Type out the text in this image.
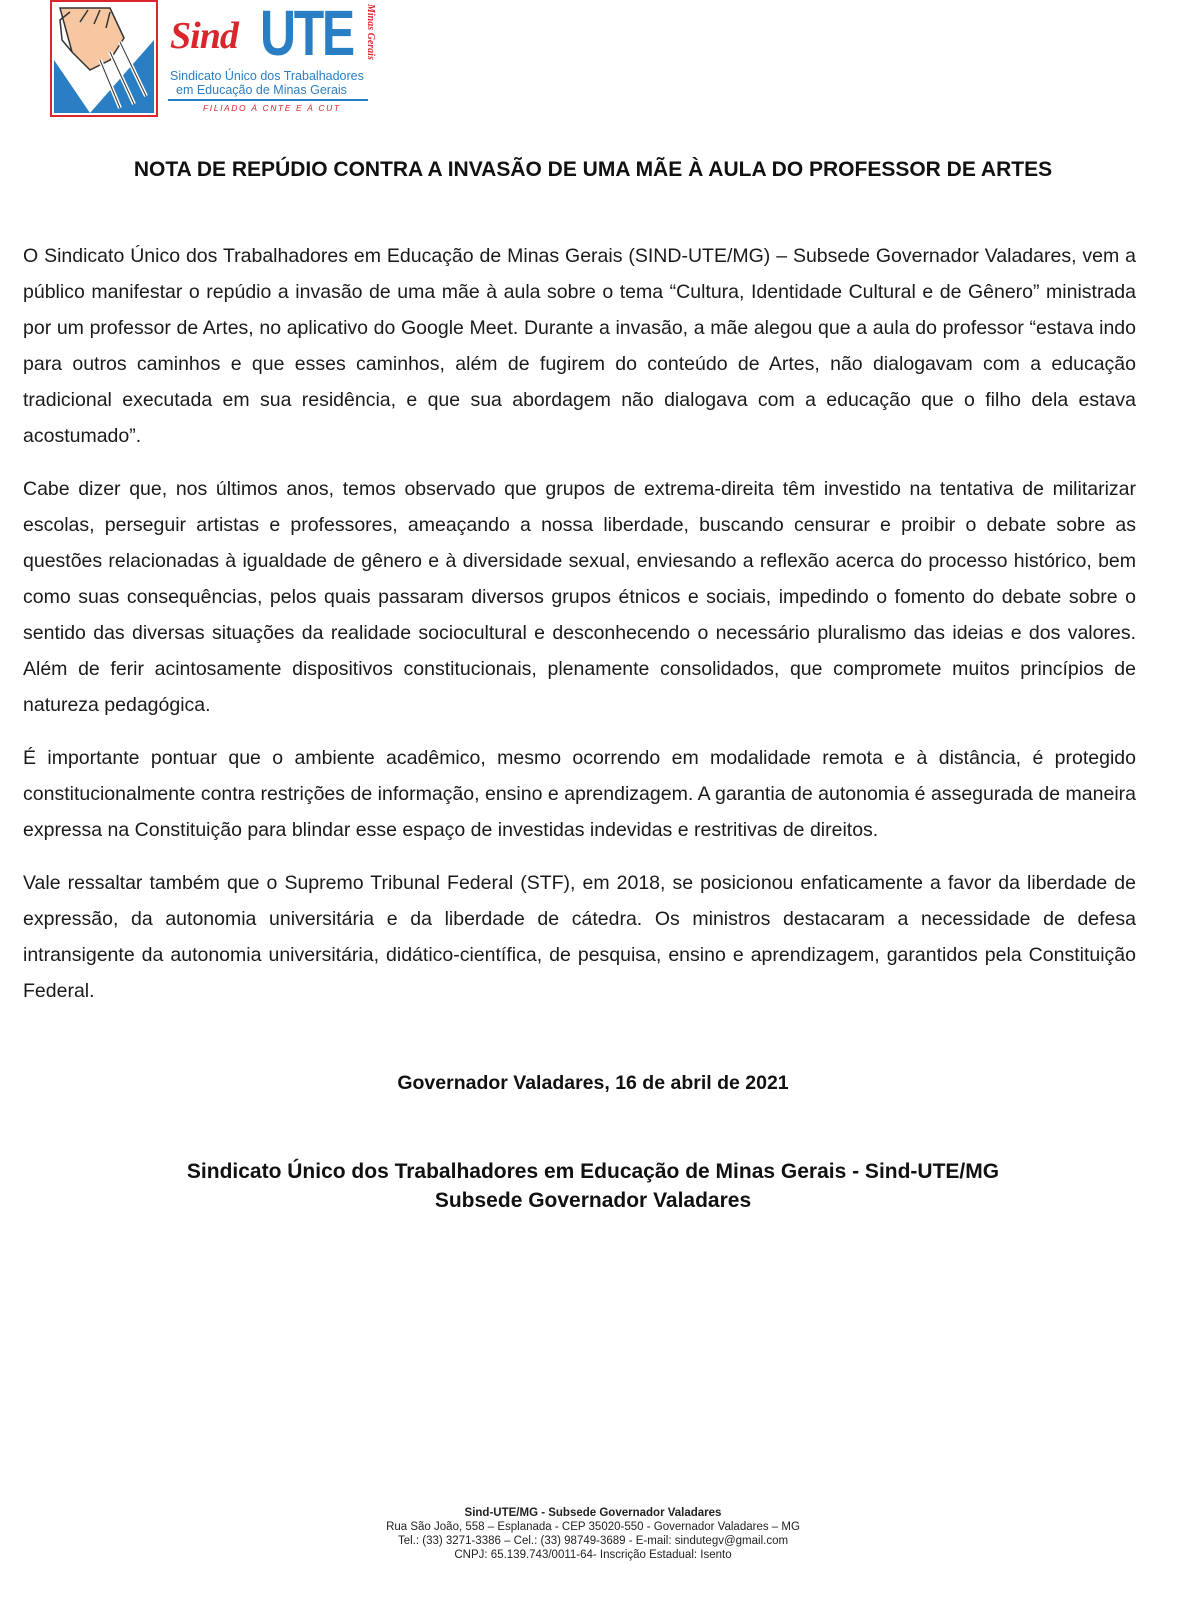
Sind UTE	Minas Gerais
Sindicato Único dos Trabalhadores
em Educação de Minas Gerais
FILIADO À CNTE E À CUT
NOTA DE REPÚDIO CONTRA A INVASÃO DE UMA MÃE À AULA DO PROFESSOR DE ARTES

O Sindicato Único dos Trabalhadores em Educação de Minas Gerais (SIND-UTE/MG) – Subsede Governador Valadares, vem a público manifestar o repúdio a invasão de uma mãe à aula sobre o tema “Cultura, Identidade Cultural e de Gênero” ministrada por um professor de Artes, no aplicativo do Google Meet. Durante a invasão, a mãe alegou que a aula do professor “estava indo para outros caminhos e que esses caminhos, além de fugirem do conteúdo de Artes, não dialogavam com a educação tradicional executada em sua residência, e que sua abordagem não dialogava com a educação que o filho dela estava acostumado”.

Cabe dizer que, nos últimos anos, temos observado que grupos de extrema-direita têm investido na tentativa de militarizar escolas, perseguir artistas e professores, ameaçando a nossa liberdade, buscando censurar e proibir o debate sobre as questões relacionadas à igualdade de gênero e à diversidade sexual, enviesando a reflexão acerca do processo histórico, bem como suas consequências, pelos quais passaram diversos grupos étnicos e sociais, impedindo o fomento do debate sobre o sentido das diversas situações da realidade sociocultural e desconhecendo o necessário pluralismo das ideias e dos valores. Além de ferir acintosamente dispositivos constitucionais, plenamente consolidados, que compromete muitos princípios de natureza pedagógica.

É importante pontuar que o ambiente acadêmico, mesmo ocorrendo em modalidade remota e à distância, é protegido constitucionalmente contra restrições de informação, ensino e aprendizagem. A garantia de autonomia é assegurada de maneira expressa na Constituição para blindar esse espaço de investidas indevidas e restritivas de direitos.

Vale ressaltar também que o Supremo Tribunal Federal (STF), em 2018, se posicionou enfaticamente a favor da liberdade de expressão, da autonomia universitária e da liberdade de cátedra. Os ministros destacaram a necessidade de defesa intransigente da autonomia universitária, didático-científica, de pesquisa, ensino e aprendizagem, garantidos pela Constituição Federal.

Governador Valadares, 16 de abril de 2021
Sindicato Único dos Trabalhadores em Educação de Minas Gerais - Sind-UTE/MG
Subsede Governador Valadares
Sind-UTE/MG - Subsede Governador Valadares
Rua São João, 558 – Esplanada - CEP 35020-550 - Governador Valadares – MG
Tel.: (33) 3271-3386 – Cel.: (33) 98749-3689 - E-mail: sindutegv@gmail.com
CNPJ: 65.139.743/0011-64- Inscrição Estadual: Isento
